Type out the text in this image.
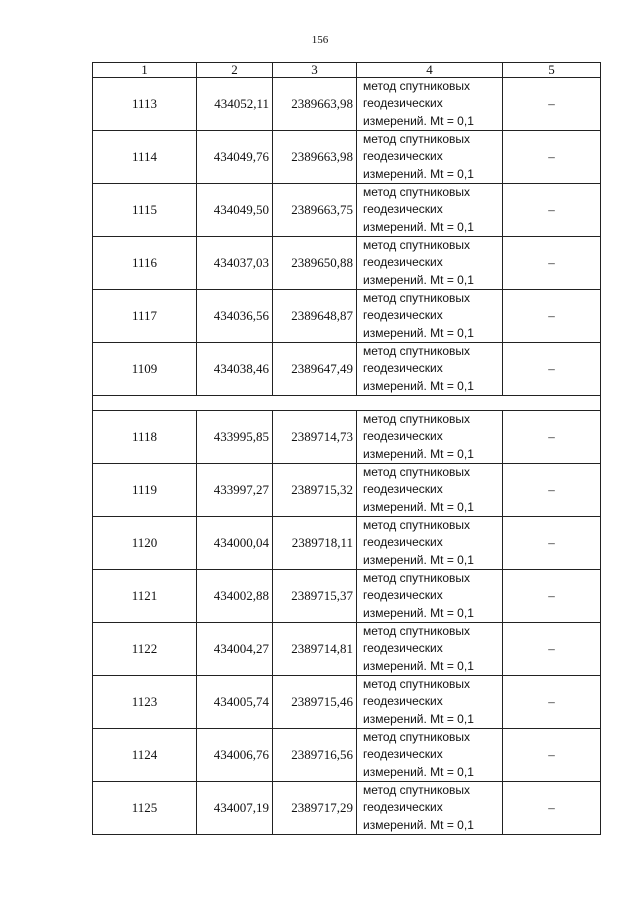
156
1	2	3	4	5
1113	434052,11	2389663,98	метод спутниковых
геодезических
измерений. Mt = 0,1	–
1114	434049,76	2389663,98	метод спутниковых
геодезических
измерений. Mt = 0,1	–
1115	434049,50	2389663,75	метод спутниковых
геодезических
измерений. Mt = 0,1	–
1116	434037,03	2389650,88	метод спутниковых
геодезических
измерений. Mt = 0,1	–
1117	434036,56	2389648,87	метод спутниковых
геодезических
измерений. Mt = 0,1	–
1109	434038,46	2389647,49	метод спутниковых
геодезических
измерений. Mt = 0,1	–

1118	433995,85	2389714,73	метод спутниковых
геодезических
измерений. Mt = 0,1	–
1119	433997,27	2389715,32	метод спутниковых
геодезических
измерений. Mt = 0,1	–
1120	434000,04	2389718,11	метод спутниковых
геодезических
измерений. Mt = 0,1	–
1121	434002,88	2389715,37	метод спутниковых
геодезических
измерений. Mt = 0,1	–
1122	434004,27	2389714,81	метод спутниковых
геодезических
измерений. Mt = 0,1	–
1123	434005,74	2389715,46	метод спутниковых
геодезических
измерений. Mt = 0,1	–
1124	434006,76	2389716,56	метод спутниковых
геодезических
измерений. Mt = 0,1	–
1125	434007,19	2389717,29	метод спутниковых
геодезических
измерений. Mt = 0,1	–
